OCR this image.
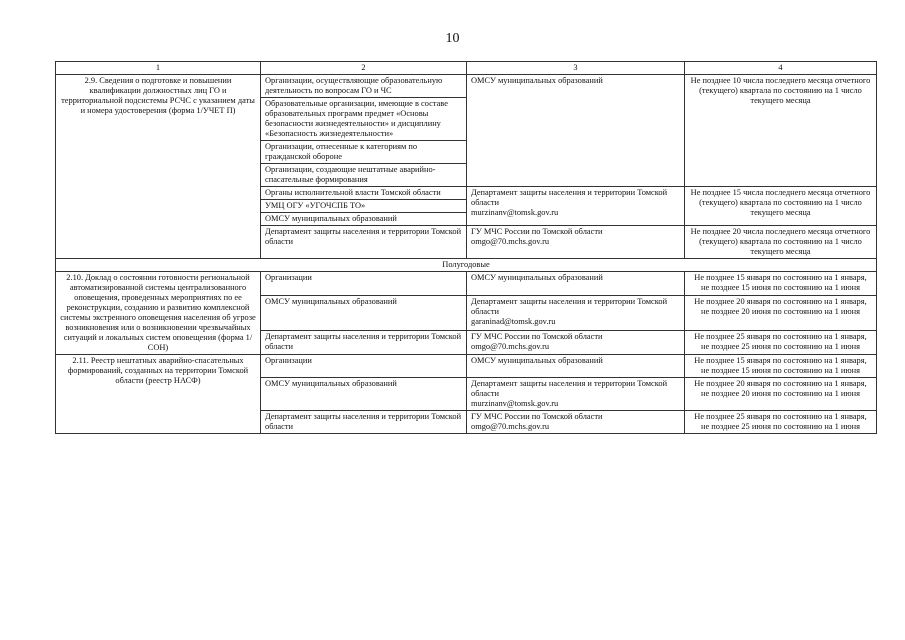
10
1	2	3	4
2.9. Сведения о подготовке и повышении квалификации должностных лиц ГО и территориальной подсистемы РСЧС с указанием даты и номера удостоверения (форма 1/УЧЕТ П)	Организации, осуществляющие образовательную деятельность по вопросам ГО и ЧС	ОМСУ муниципальных образований	Не позднее 10 числа последнего месяца отчетного (текущего) квартала по состоянию на 1 число текущего месяца
	Образовательные организации, имеющие в составе образовательных программ предмет «Основы безопасности жизнедеятельности» и дисциплину «Безопасность жизнедеятельности»		
	Организации, отнесенные к категориям по гражданской обороне		
	Организации, создающие нештатные аварийно-спасательные формирования		
	Органы исполнительной власти Томской области	Департамент защиты населения и территории Томской области
murzinanv@tomsk.gov.ru	Не позднее 15 числа последнего месяца отчетного (текущего) квартала по состоянию на 1 число текущего месяца
	УМЦ ОГУ «УГОЧСПБ ТО»		
	ОМСУ муниципальных образований		
	Департамент защиты населения и территории Томской области	ГУ МЧС России по Томской области
omgo@70.mchs.gov.ru	Не позднее 20 числа последнего месяца отчетного (текущего) квартала по состоянию на 1 число текущего месяца
Полугодовые			
2.10. Доклад о состоянии готовности региональной автоматизированной системы централизованного оповещения, проведенных мероприятиях по ее реконструкции, созданию и развитию комплексной системы экстренного оповещения населения об угрозе возникновения или о возникновении чрезвычайных ситуаций и локальных систем оповещения (форма 1/СОН)	Организации	ОМСУ муниципальных образований	Не позднее 15 января по состоянию на 1 января,
не позднее 15 июня по состоянию на 1 июня

	ОМСУ муниципальных образований	Департамент защиты населения и территории Томской области
garaninad@tomsk.gov.ru	Не позднее 20 января по состоянию на 1 января,
не позднее 20 июня по состоянию на 1 июня

	Департамент защиты населения и территории Томской области	ГУ МЧС России по Томской области
omgo@70.mchs.gov.ru	Не позднее 25 января по состоянию на 1 января,
не позднее 25 июня по состоянию на 1 июня

2.11. Реестр нештатных аварийно-спасательных формирований, созданных на территории Томской области (реестр НАСФ)	Организации	ОМСУ муниципальных образований	Не позднее 15 января по состоянию на 1 января,
не позднее 15 июня по состоянию на 1 июня

	ОМСУ муниципальных образований	Департамент защиты населения и территории Томской области
murzinanv@tomsk.gov.ru	Не позднее 20 января по состоянию на 1 января,
не позднее 20 июня по состоянию на 1 июня

	Департамент защиты населения и территории Томской области	ГУ МЧС России по Томской области
omgo@70.mchs.gov.ru	Не позднее 25 января по состоянию на 1 января,
не позднее 25 июня по состоянию на 1 июня
